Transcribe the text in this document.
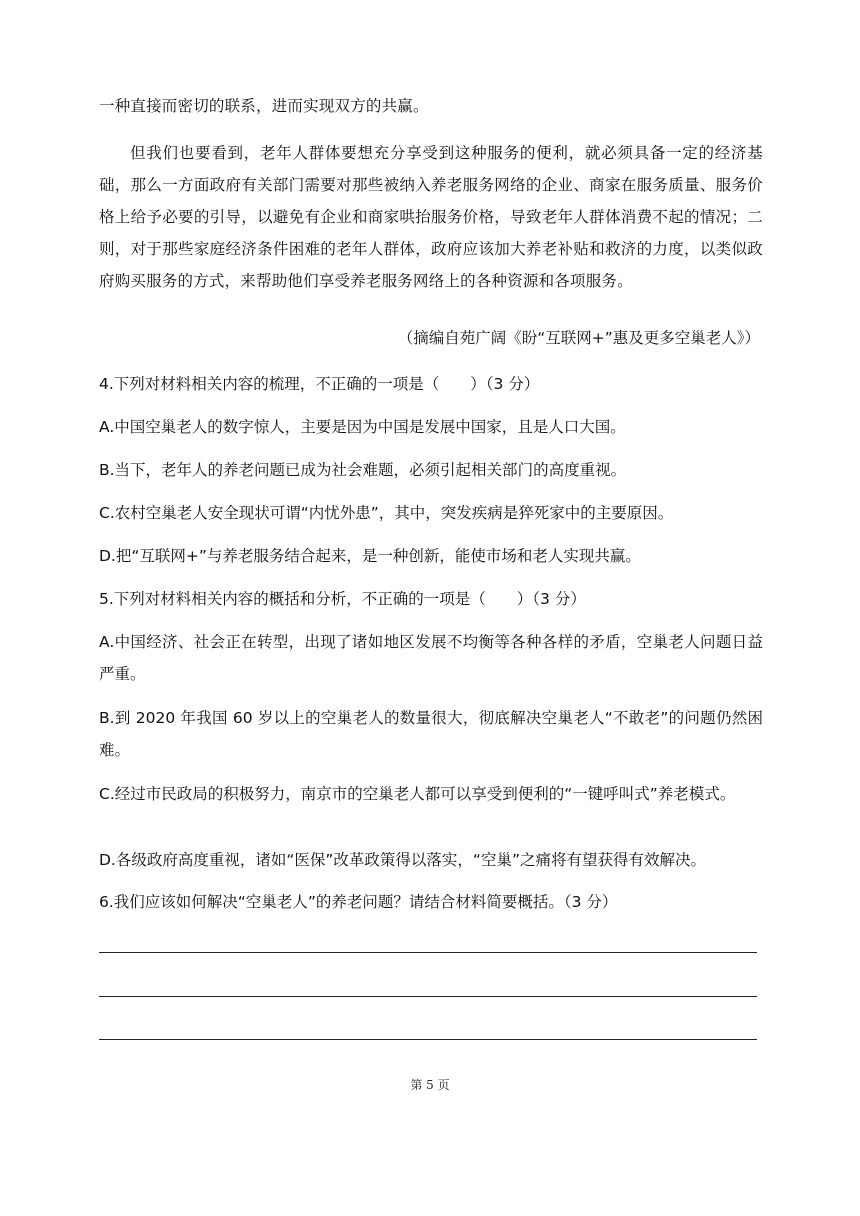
一种直接而密切的联系，进而实现双方的共赢。

但我们也要看到，老年人群体要想充分享受到这种服务的便利，就必须具备一定的经济基础，那么一方面政府有关部门需要对那些被纳入养老服务网络的企业、商家在服务质量、服务价格上给予必要的引导，以避免有企业和商家哄抬服务价格，导致老年人群体消费不起的情况；二则，对于那些家庭经济条件困难的老年人群体，政府应该加大养老补贴和救济的力度，以类似政府购买服务的方式，来帮助他们享受养老服务网络上的各种资源和各项服务。

（摘编自苑广阔《盼“互联网+”惠及更多空巢老人》）

4.下列对材料相关内容的梳理，不正确的一项是（　　）（3 分）

A.中国空巢老人的数字惊人，主要是因为中国是发展中国家，且是人口大国。

B.当下，老年人的养老问题已成为社会难题，必须引起相关部门的高度重视。

C.农村空巢老人安全现状可谓“内忧外患”，其中，突发疾病是猝死家中的主要原因。

D.把“互联网+”与养老服务结合起来，是一种创新，能使市场和老人实现共赢。

5.下列对材料相关内容的概括和分析，不正确的一项是（　　）（3 分）

A.中国经济、社会正在转型，出现了诸如地区发展不均衡等各种各样的矛盾，空巢老人问题日益严重。

B.到 2020 年我国 60 岁以上的空巢老人的数量很大，彻底解决空巢老人“不敢老”的问题仍然困难。

C.经过市民政局的积极努力，南京市的空巢老人都可以享受到便利的“一键呼叫式”养老模式。

D.各级政府高度重视，诸如“医保”改革政策得以落实，“空巢”之痛将有望获得有效解决。

6.我们应该如何解决“空巢老人”的养老问题？请结合材料简要概括。（3 分）

第 5 页
